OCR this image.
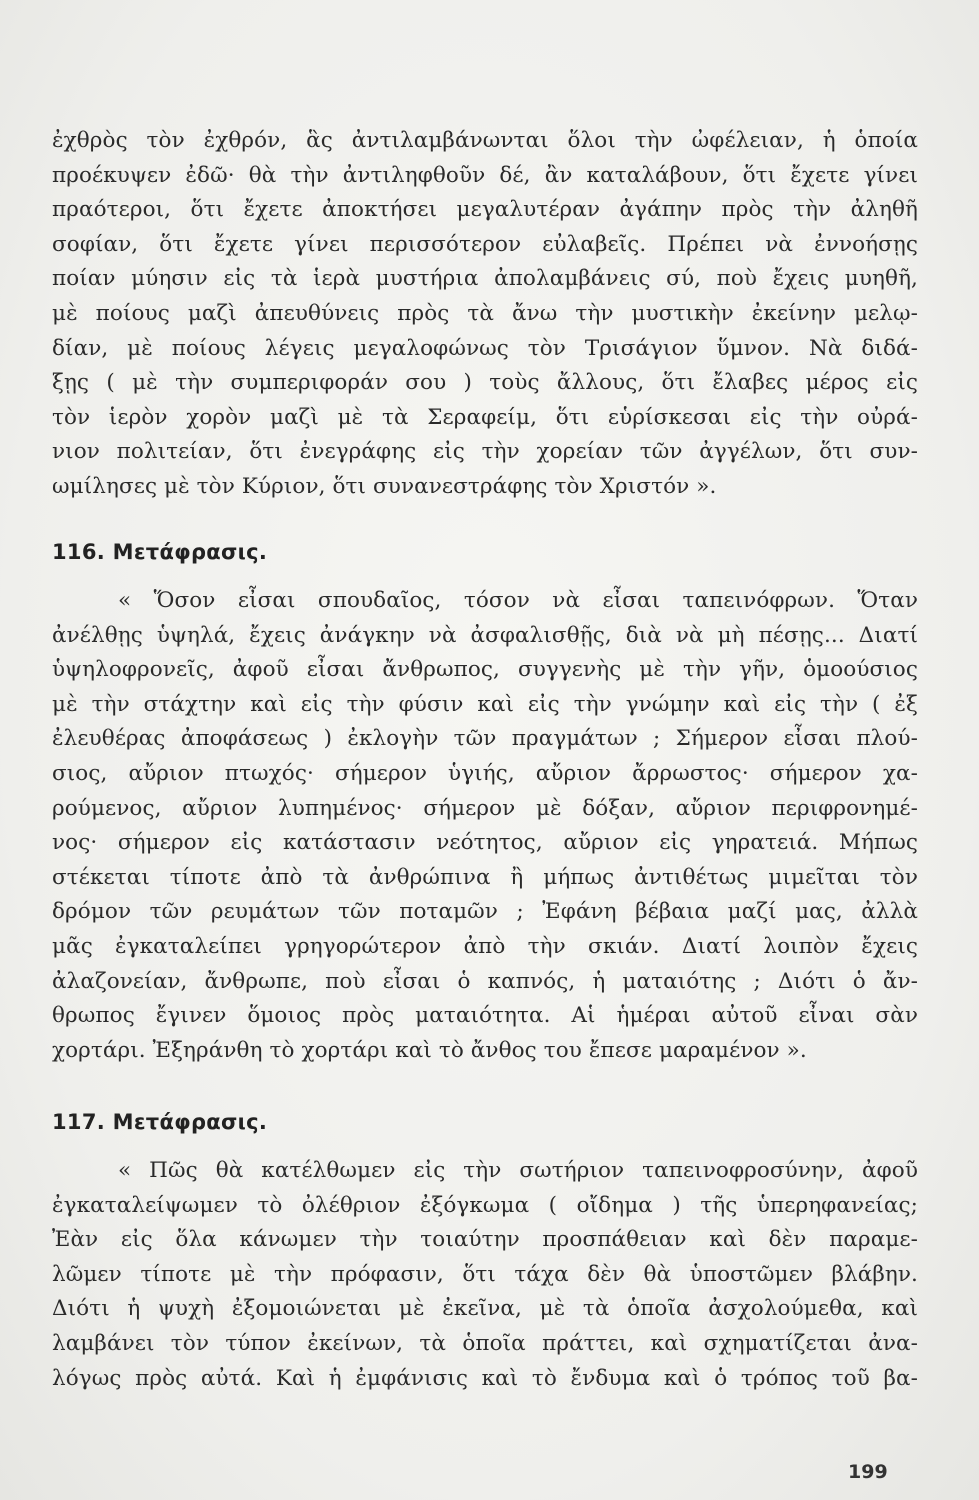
ἐχθρὸς τὸν ἐχθρόν, ἃς ἀντιλαμβάνωνται ὅλοι τὴν ὠφέλειαν, ἡ ὁποία
προέκυψεν ἐδῶ· θὰ τὴν ἀντιληφθοῦν δέ, ἂν καταλάβουν, ὅτι ἔχετε γίνει
πραότεροι, ὅτι ἔχετε ἀποκτήσει μεγαλυτέραν ἀγάπην πρὸς τὴν ἀληθῆ
σοφίαν, ὅτι ἔχετε γίνει περισσότερον εὐλαβεῖς. Πρέπει νὰ ἐννοήσῃς
ποίαν μύησιν εἰς τὰ ἱερὰ μυστήρια ἀπολαμβάνεις σύ, ποὺ ἔχεις μυηθῆ,
μὲ ποίους μαζὶ ἀπευθύνεις πρὸς τὰ ἄνω τὴν μυστικὴν ἐκείνην μελῳ-
δίαν, μὲ ποίους λέγεις μεγαλοφώνως τὸν Τρισάγιον ὕμνον. Νὰ διδά-
ξῃς ( μὲ τὴν συμπεριφοράν σου ) τοὺς ἄλλους, ὅτι ἔλαβες μέρος εἰς
τὸν ἱερὸν χορὸν μαζὶ μὲ τὰ Σεραφείμ, ὅτι εὑρίσκεσαι εἰς τὴν οὐρά-
νιον πολιτείαν, ὅτι ἐνεγράφης εἰς τὴν χορείαν τῶν ἀγγέλων, ὅτι συν-
ωμίλησες μὲ τὸν Κύριον, ὅτι συνανεστράφης τὸν Χριστόν ».
116. Μετάφρασις.
« Ὅσον εἶσαι σπουδαῖος, τόσον νὰ εἶσαι ταπεινόφρων. Ὅταν
ἀνέλθῃς ὑψηλά, ἔχεις ἀνάγκην νὰ ἀσφαλισθῇς, διὰ νὰ μὴ πέσῃς... Διατί
ὑψηλοφρονεῖς, ἀφοῦ εἶσαι ἄνθρωπος, συγγενὴς μὲ τὴν γῆν, ὁμοούσιος
μὲ τὴν στάχτην καὶ εἰς τὴν φύσιν καὶ εἰς τὴν γνώμην καὶ εἰς τὴν ( ἐξ
ἐλευθέρας ἀποφάσεως ) ἐκλογὴν τῶν πραγμάτων ; Σήμερον εἶσαι πλού-
σιος, αὔριον πτωχός· σήμερον ὑγιής, αὔριον ἄρρωστος· σήμερον χα-
ρούμενος, αὔριον λυπημένος· σήμερον μὲ δόξαν, αὔριον περιφρονημέ-
νος· σήμερον εἰς κατάστασιν νεότητος, αὔριον εἰς γηρατειά. Μήπως
στέκεται τίποτε ἀπὸ τὰ ἀνθρώπινα ἢ μήπως ἀντιθέτως μιμεῖται τὸν
δρόμον τῶν ρευμάτων τῶν ποταμῶν ; Ἐφάνη βέβαια μαζί μας, ἀλλὰ
μᾶς ἐγκαταλείπει γρηγορώτερον ἀπὸ τὴν σκιάν. Διατί λοιπὸν ἔχεις
ἀλαζονείαν, ἄνθρωπε, ποὺ εἶσαι ὁ καπνός, ἡ ματαιότης ; Διότι ὁ ἄν-
θρωπος ἔγινεν ὅμοιος πρὸς ματαιότητα. Αἱ ἡμέραι αὐτοῦ εἶναι σὰν
χορτάρι. Ἐξηράνθη τὸ χορτάρι καὶ τὸ ἄνθος του ἔπεσε μαραμένον ».
117. Μετάφρασις.
« Πῶς θὰ κατέλθωμεν εἰς τὴν σωτήριον ταπεινοφροσύνην, ἀφοῦ
ἐγκαταλείψωμεν τὸ ὀλέθριον ἐξόγκωμα ( οἴδημα ) τῆς ὑπερηφανείας;
Ἐὰν εἰς ὅλα κάνωμεν τὴν τοιαύτην προσπάθειαν καὶ δὲν παραμε-
λῶμεν τίποτε μὲ τὴν πρόφασιν, ὅτι τάχα δὲν θὰ ὑποστῶμεν βλάβην.
Διότι ἡ ψυχὴ ἐξομοιώνεται μὲ ἐκεῖνα, μὲ τὰ ὁποῖα ἀσχολούμεθα, καὶ
λαμβάνει τὸν τύπον ἐκείνων, τὰ ὁποῖα πράττει, καὶ σχηματίζεται ἀνα-
λόγως πρὸς αὐτά. Καὶ ἡ ἐμφάνισις καὶ τὸ ἔνδυμα καὶ ὁ τρόπος τοῦ βα-
199
